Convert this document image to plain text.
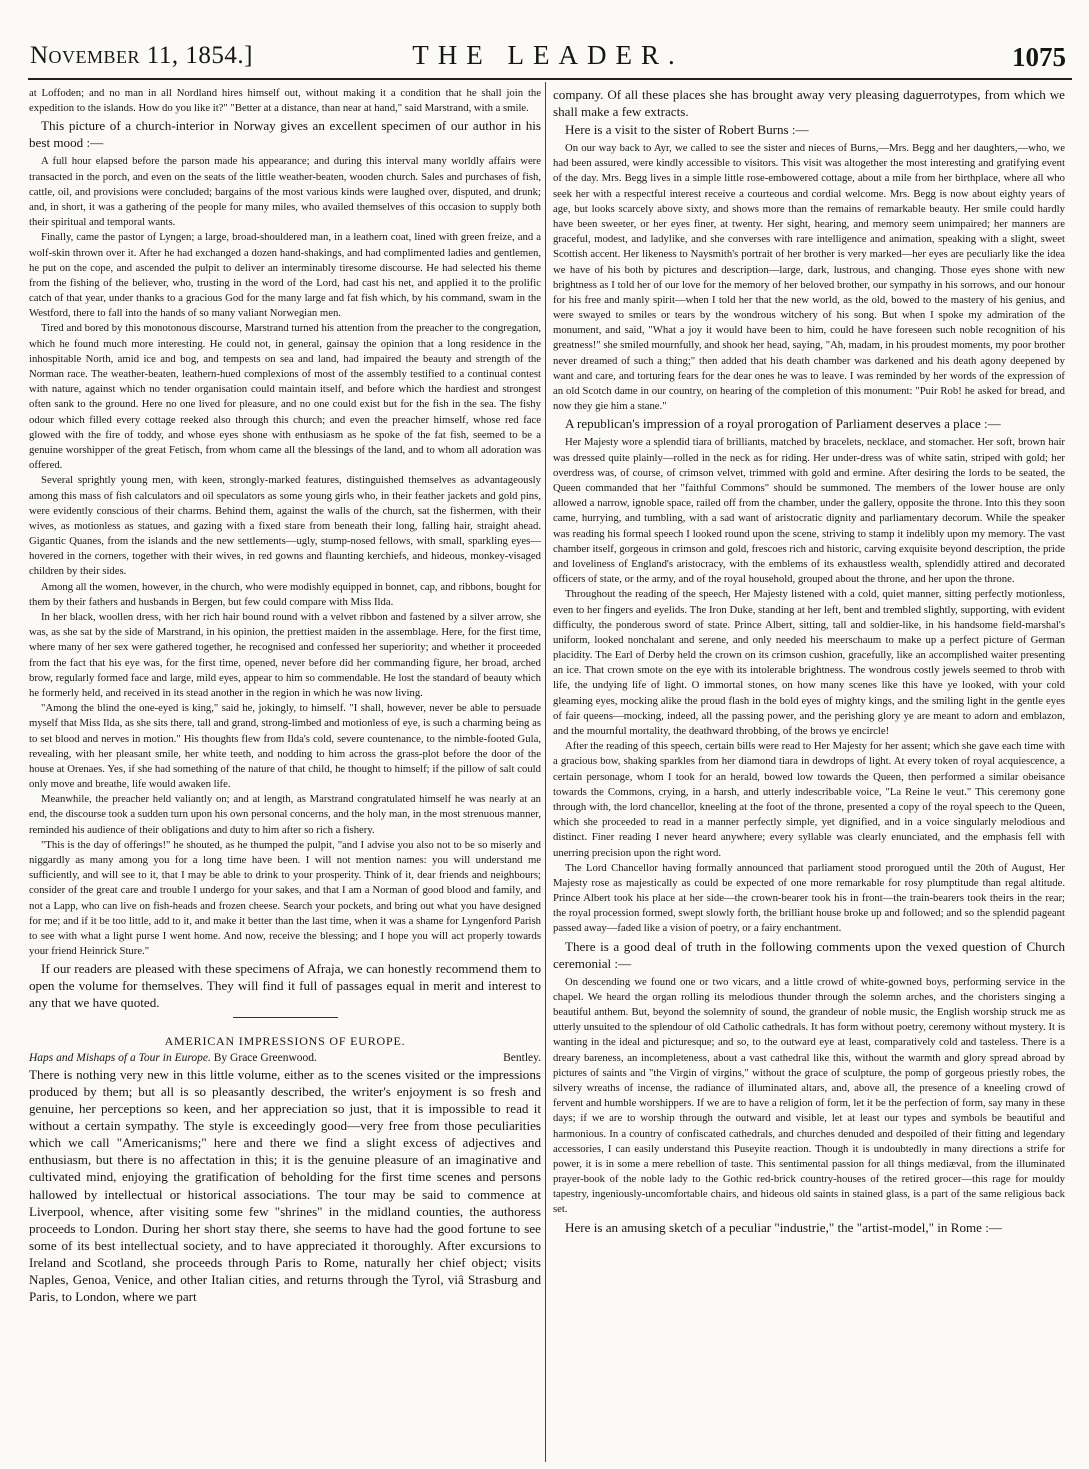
November 11, 1854.]	THE LEADER.	1075

at Loffoden; and no man in all Nordland hires himself out, without making it a condition that he shall join the expedition to the islands. How do you like it?" "Better at a distance, than near at hand," said Marstrand, with a smile.

This picture of a church-interior in Norway gives an excellent specimen of our author in his best mood :—

A full hour elapsed before the parson made his appearance; and during this interval many worldly affairs were transacted in the porch, and even on the seats of the little weather-beaten, wooden church. Sales and purchases of fish, cattle, oil, and provisions were concluded; bargains of the most various kinds were laughed over, disputed, and drunk; and, in short, it was a gathering of the people for many miles, who availed themselves of this occasion to supply both their spiritual and temporal wants.

Finally, came the pastor of Lyngen; a large, broad-shouldered man, in a leathern coat, lined with green freize, and a wolf-skin thrown over it. After he had exchanged a dozen hand-shakings, and had complimented ladies and gentlemen, he put on the cope, and ascended the pulpit to deliver an interminably tiresome discourse. He had selected his theme from the fishing of the believer, who, trusting in the word of the Lord, had cast his net, and applied it to the prolific catch of that year, under thanks to a gracious God for the many large and fat fish which, by his command, swam in the Westford, there to fall into the hands of so many valiant Norwegian men.

Tired and bored by this monotonous discourse, Marstrand turned his attention from the preacher to the congregation, which he found much more interesting. He could not, in general, gainsay the opinion that a long residence in the inhospitable North, amid ice and bog, and tempests on sea and land, had impaired the beauty and strength of the Norman race. The weather-beaten, leathern-hued complexions of most of the assembly testified to a continual contest with nature, against which no tender organisation could maintain itself, and before which the hardiest and strongest often sank to the ground. Here no one lived for pleasure, and no one could exist but for the fish in the sea. The fishy odour which filled every cottage reeked also through this church; and even the preacher himself, whose red face glowed with the fire of toddy, and whose eyes shone with enthusiasm as he spoke of the fat fish, seemed to be a genuine worshipper of the great Fetisch, from whom came all the blessings of the land, and to whom all adoration was offered.

Several sprightly young men, with keen, strongly-marked features, distinguished themselves as advantageously among this mass of fish calculators and oil speculators as some young girls who, in their feather jackets and gold pins, were evidently conscious of their charms. Behind them, against the walls of the church, sat the fishermen, with their wives, as motionless as statues, and gazing with a fixed stare from beneath their long, falling hair, straight ahead. Gigantic Quanes, from the islands and the new settlements—ugly, stump-nosed fellows, with small, sparkling eyes—hovered in the corners, together with their wives, in red gowns and flaunting kerchiefs, and hideous, monkey-visaged children by their sides.

Among all the women, however, in the church, who were modishly equipped in bonnet, cap, and ribbons, bought for them by their fathers and husbands in Bergen, but few could compare with Miss Ilda.

In her black, woollen dress, with her rich hair bound round with a velvet ribbon and fastened by a silver arrow, she was, as she sat by the side of Marstrand, in his opinion, the prettiest maiden in the assemblage. Here, for the first time, where many of her sex were gathered together, he recognised and confessed her superiority; and whether it proceeded from the fact that his eye was, for the first time, opened, never before did her commanding figure, her broad, arched brow, regularly formed face and large, mild eyes, appear to him so commendable. He lost the standard of beauty which he formerly held, and received in its stead another in the region in which he was now living.

"Among the blind the one-eyed is king," said he, jokingly, to himself. "I shall, however, never be able to persuade myself that Miss Ilda, as she sits there, tall and grand, strong-limbed and motionless of eye, is such a charming being as to set blood and nerves in motion." His thoughts flew from Ilda's cold, severe countenance, to the nimble-footed Gula, revealing, with her pleasant smile, her white teeth, and nodding to him across the grass-plot before the door of the house at Orenaes. Yes, if she had something of the nature of that child, he thought to himself; if the pillow of salt could only move and breathe, life would awaken life.

Meanwhile, the preacher held valiantly on; and at length, as Marstrand congratulated himself he was nearly at an end, the discourse took a sudden turn upon his own personal concerns, and the holy man, in the most strenuous manner, reminded his audience of their obligations and duty to him after so rich a fishery.

"This is the day of offerings!" he shouted, as he thumped the pulpit, "and I advise you also not to be so miserly and niggardly as many among you for a long time have been. I will not mention names: you will understand me sufficiently, and will see to it, that I may be able to drink to your prosperity. Think of it, dear friends and neighbours; consider of the great care and trouble I undergo for your sakes, and that I am a Norman of good blood and family, and not a Lapp, who can live on fish-heads and frozen cheese. Search your pockets, and bring out what you have designed for me; and if it be too little, add to it, and make it better than the last time, when it was a shame for Lyngenford Parish to see with what a light purse I went home. And now, receive the blessing; and I hope you will act properly towards your friend Heinrick Sture."

If our readers are pleased with these specimens of Afraja, we can honestly recommend them to open the volume for themselves. They will find it full of passages equal in merit and interest to any that we have quoted.

AMERICAN IMPRESSIONS OF EUROPE.
Haps and Mishaps of a Tour in Europe. By Grace Greenwood.	Bentley.

There is nothing very new in this little volume, either as to the scenes visited or the impressions produced by them; but all is so pleasantly described, the writer's enjoyment is so fresh and genuine, her perceptions so keen, and her appreciation so just, that it is impossible to read it without a certain sympathy. The style is exceedingly good—very free from those peculiarities which we call "Americanisms;" here and there we find a slight excess of adjectives and enthusiasm, but there is no affectation in this; it is the genuine pleasure of an imaginative and cultivated mind, enjoying the gratification of beholding for the first time scenes and persons hallowed by intellectual or historical associations. The tour may be said to commence at Liverpool, whence, after visiting some few "shrines" in the midland counties, the authoress proceeds to London. During her short stay there, she seems to have had the good fortune to see some of its best intellectual society, and to have appreciated it thoroughly. After excursions to Ireland and Scotland, she proceeds through Paris to Rome, naturally her chief object; visits Naples, Genoa, Venice, and other Italian cities, and returns through the Tyrol, viâ Strasburg and Paris, to London, where we part

company. Of all these places she has brought away very pleasing daguerrotypes, from which we shall make a few extracts.

Here is a visit to the sister of Robert Burns :—

On our way back to Ayr, we called to see the sister and nieces of Burns,—Mrs. Begg and her daughters,—who, we had been assured, were kindly accessible to visitors. This visit was altogether the most interesting and gratifying event of the day. Mrs. Begg lives in a simple little rose-embowered cottage, about a mile from her birthplace, where all who seek her with a respectful interest receive a courteous and cordial welcome. Mrs. Begg is now about eighty years of age, but looks scarcely above sixty, and shows more than the remains of remarkable beauty. Her smile could hardly have been sweeter, or her eyes finer, at twenty. Her sight, hearing, and memory seem unimpaired; her manners are graceful, modest, and ladylike, and she converses with rare intelligence and animation, speaking with a slight, sweet Scottish accent. Her likeness to Naysmith's portrait of her brother is very marked—her eyes are peculiarly like the idea we have of his both by pictures and description—large, dark, lustrous, and changing. Those eyes shone with new brightness as I told her of our love for the memory of her beloved brother, our sympathy in his sorrows, and our honour for his free and manly spirit—when I told her that the new world, as the old, bowed to the mastery of his genius, and were swayed to smiles or tears by the wondrous witchery of his song. But when I spoke my admiration of the monument, and said, "What a joy it would have been to him, could he have foreseen such noble recognition of his greatness!" she smiled mournfully, and shook her head, saying, "Ah, madam, in his proudest moments, my poor brother never dreamed of such a thing;" then added that his death chamber was darkened and his death agony deepened by want and care, and torturing fears for the dear ones he was to leave. I was reminded by her words of the expression of an old Scotch dame in our country, on hearing of the completion of this monument: "Puir Rob! he asked for bread, and now they gie him a stane."

A republican's impression of a royal prorogation of Parliament deserves a place :—

Her Majesty wore a splendid tiara of brilliants, matched by bracelets, necklace, and stomacher. Her soft, brown hair was dressed quite plainly—rolled in the neck as for riding. Her under-dress was of white satin, striped with gold; her overdress was, of course, of crimson velvet, trimmed with gold and ermine. After desiring the lords to be seated, the Queen commanded that her "faithful Commons" should be summoned. The members of the lower house are only allowed a narrow, ignoble space, railed off from the chamber, under the gallery, opposite the throne. Into this they soon came, hurrying, and tumbling, with a sad want of aristocratic dignity and parliamentary decorum. While the speaker was reading his formal speech I looked round upon the scene, striving to stamp it indelibly upon my memory. The vast chamber itself, gorgeous in crimson and gold, frescoes rich and historic, carving exquisite beyond description, the pride and loveliness of England's aristocracy, with the emblems of its exhaustless wealth, splendidly attired and decorated officers of state, or the army, and of the royal household, grouped about the throne, and her upon the throne.

Throughout the reading of the speech, Her Majesty listened with a cold, quiet manner, sitting perfectly motionless, even to her fingers and eyelids. The Iron Duke, standing at her left, bent and trembled slightly, supporting, with evident difficulty, the ponderous sword of state. Prince Albert, sitting, tall and soldier-like, in his handsome field-marshal's uniform, looked nonchalant and serene, and only needed his meerschaum to make up a perfect picture of German placidity. The Earl of Derby held the crown on its crimson cushion, gracefully, like an accomplished waiter presenting an ice. That crown smote on the eye with its intolerable brightness. The wondrous costly jewels seemed to throb with life, the undying life of light. O immortal stones, on how many scenes like this have ye looked, with your cold gleaming eyes, mocking alike the proud flash in the bold eyes of mighty kings, and the smiling light in the gentle eyes of fair queens—mocking, indeed, all the passing power, and the perishing glory ye are meant to adorn and emblazon, and the mournful mortality, the deathward throbbing, of the brows ye encircle!

After the reading of this speech, certain bills were read to Her Majesty for her assent; which she gave each time with a gracious bow, shaking sparkles from her diamond tiara in dewdrops of light. At every token of royal acquiescence, a certain personage, whom I took for an herald, bowed low towards the Queen, then performed a similar obeisance towards the Commons, crying, in a harsh, and utterly indescribable voice, "La Reine le veut." This ceremony gone through with, the lord chancellor, kneeling at the foot of the throne, presented a copy of the royal speech to the Queen, which she proceeded to read in a manner perfectly simple, yet dignified, and in a voice singularly melodious and distinct. Finer reading I never heard anywhere; every syllable was clearly enunciated, and the emphasis fell with unerring precision upon the right word.

The Lord Chancellor having formally announced that parliament stood prorogued until the 20th of August, Her Majesty rose as majestically as could be expected of one more remarkable for rosy plumptitude than regal altitude. Prince Albert took his place at her side—the crown-bearer took his in front—the train-bearers took theirs in the rear; the royal procession formed, swept slowly forth, the brilliant house broke up and followed; and so the splendid pageant passed away—faded like a vision of poetry, or a fairy enchantment.

There is a good deal of truth in the following comments upon the vexed question of Church ceremonial :—

On descending we found one or two vicars, and a little crowd of white-gowned boys, performing service in the chapel. We heard the organ rolling its melodious thunder through the solemn arches, and the choristers singing a beautiful anthem. But, beyond the solemnity of sound, the grandeur of noble music, the English worship struck me as utterly unsuited to the splendour of old Catholic cathedrals. It has form without poetry, ceremony without mystery. It is wanting in the ideal and picturesque; and so, to the outward eye at least, comparatively cold and tasteless. There is a dreary bareness, an incompleteness, about a vast cathedral like this, without the warmth and glory spread abroad by pictures of saints and "the Virgin of virgins," without the grace of sculpture, the pomp of gorgeous priestly robes, the silvery wreaths of incense, the radiance of illuminated altars, and, above all, the presence of a kneeling crowd of fervent and humble worshippers. If we are to have a religion of form, let it be the perfection of form, say many in these days; if we are to worship through the outward and visible, let at least our types and symbols be beautiful and harmonious. In a country of confiscated cathedrals, and churches denuded and despoiled of their fitting and legendary accessories, I can easily understand this Puseyite reaction. Though it is undoubtedly in many directions a strife for power, it is in some a mere rebellion of taste. This sentimental passion for all things mediæval, from the illuminated prayer-book of the noble lady to the Gothic red-brick country-houses of the retired grocer—this rage for mouldy tapestry, ingeniously-uncomfortable chairs, and hideous old saints in stained glass, is a part of the same religious back set.

Here is an amusing sketch of a peculiar "industrie," the "artist-model," in Rome :—
